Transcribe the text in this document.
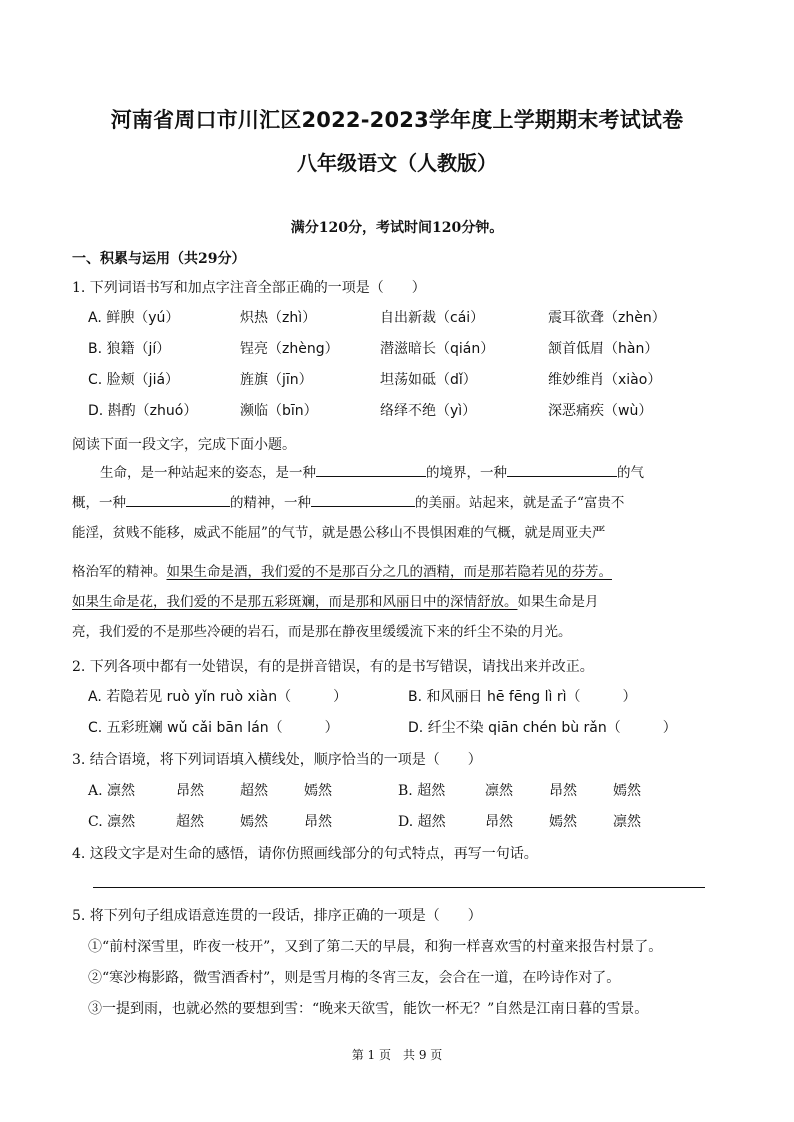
河南省周口市川汇区2022-2023学年度上学期期末考试试卷
八年级语文（人教版）
满分120分，考试时间120分钟。
一、积累与运用（共29分）
1. 下列词语书写和加点字注音全部正确的一项是（　　）
A. 鲜腴（yú）	炽热（zhì）	自出新裁（cái）	震耳欲聋（zhèn）
B. 狼籍（jí）	锃亮（zhèng）	潜滋暗长（qián）	颔首低眉（hàn）
C. 脸颊（jiá）	旌旗（jīn）	坦荡如砥（dǐ）	维妙维肖（xiào）
D. 斟酌（zhuó）	濒临（bīn）	络绎不绝（yì）	深恶痛疾（wù）
阅读下面一段文字，完成下面小题。
生命，是一种站起来的姿态，是一种	的境界，一种	的气
概，一种	的精神，一种	的美丽。站起来，就是孟子“富贵不
能淫，贫贱不能移，威武不能屈”的气节，就是愚公移山不畏惧困难的气概，就是周亚夫严
格治军的精神。如果生命是酒，我们爱的不是那百分之几的酒精，而是那若隐若见的芬芳。
如果生命是花，我们爱的不是那五彩斑斓，而是那和风丽日中的深情舒放。如果生命是月
亮，我们爱的不是那些冷硬的岩石，而是那在静夜里缓缓流下来的纤尘不染的月光。
2. 下列各项中都有一处错误，有的是拼音错误，有的是书写错误，请找出来并改正。
A. 若隐若见 ruò yǐn ruò xiàn（　　　）	B. 和风丽日 hē fēng lì rì（　　　）
C. 五彩班斓 wǔ cǎi bān lán（　　　）	D. 纤尘不染 qiān chén bù rǎn（　　　）
3. 结合语境，将下列词语填入横线处，顺序恰当的一项是（　　）
A. 凛然	昂然	超然	嫣然	B. 超然	凛然	昂然	嫣然
C. 凛然	超然	嫣然	昂然	D. 超然	昂然	嫣然	凛然
4. 这段文字是对生命的感悟，请你仿照画线部分的句式特点，再写一句话。
5. 将下列句子组成语意连贯的一段话，排序正确的一项是（　　）
①“前村深雪里，昨夜一枝开”，又到了第二天的早晨，和狗一样喜欢雪的村童来报告村景了。
②“寒沙梅影路，微雪酒香村”，则是雪月梅的冬宵三友，会合在一道，在吟诗作对了。
③一提到雨，也就必然的要想到雪：“晚来天欲雪，能饮一杯无？”自然是江南日暮的雪景。
第 1 页　共 9 页
